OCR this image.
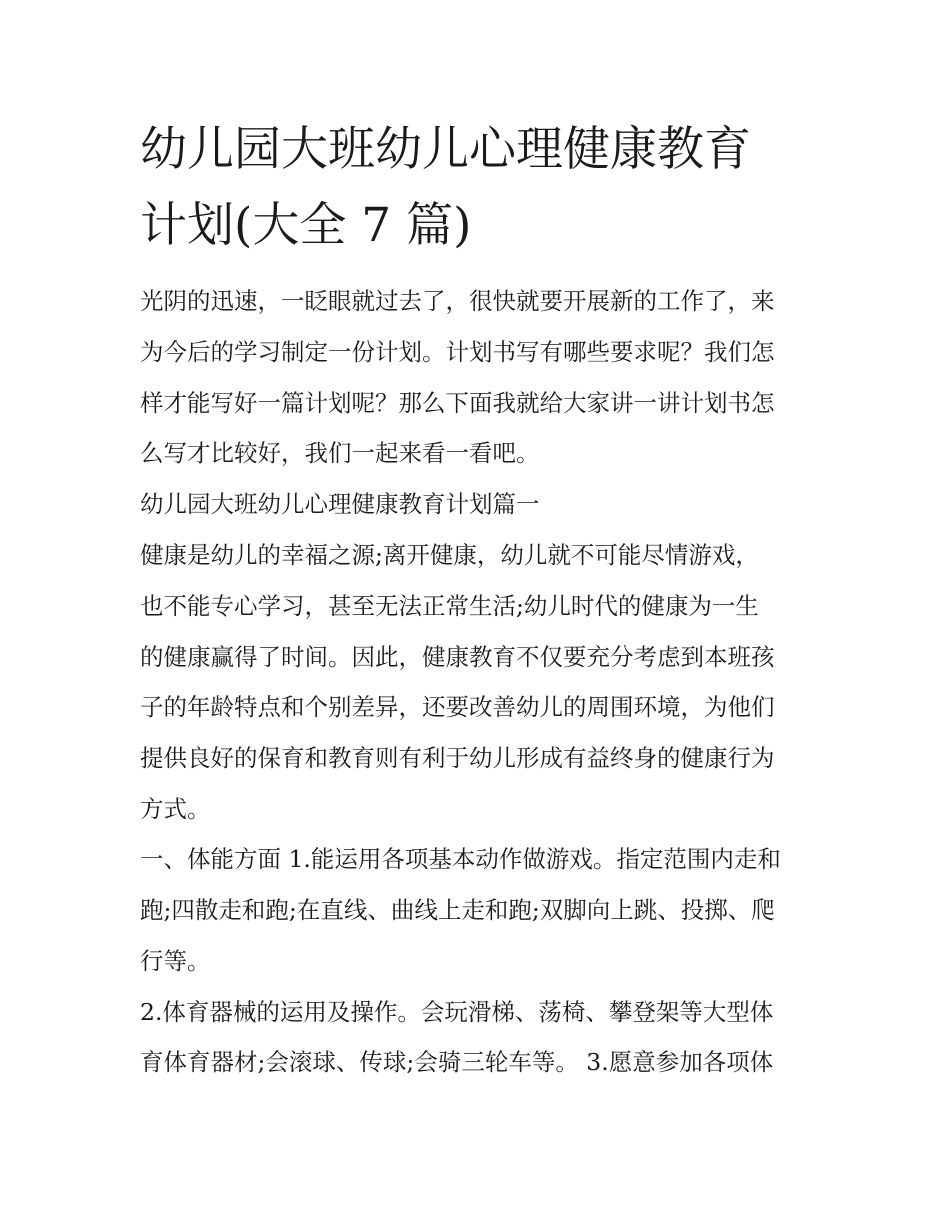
幼儿园大班幼儿心理健康教育
计划(大全 7 篇)

光阴的迅速，一眨眼就过去了，很快就要开展新的工作了，来

为今后的学习制定一份计划。计划书写有哪些要求呢？我们怎

样才能写好一篇计划呢？那么下面我就给大家讲一讲计划书怎

么写才比较好，我们一起来看一看吧。

幼儿园大班幼儿心理健康教育计划篇一

健康是幼儿的幸福之源;离开健康，幼儿就不可能尽情游戏，

也不能专心学习，甚至无法正常生活;幼儿时代的健康为一生

的健康赢得了时间。因此，健康教育不仅要充分考虑到本班孩

子的年龄特点和个别差异，还要改善幼儿的周围环境，为他们

提供良好的保育和教育则有利于幼儿形成有益终身的健康行为

方式。

一、体能方面 1.能运用各项基本动作做游戏。指定范围内走和

跑;四散走和跑;在直线、曲线上走和跑;双脚向上跳、投掷、爬

行等。

2.体育器械的运用及操作。会玩滑梯、荡椅、攀登架等大型体

育体育器材;会滚球、传球;会骑三轮车等。 3.愿意参加各项体
